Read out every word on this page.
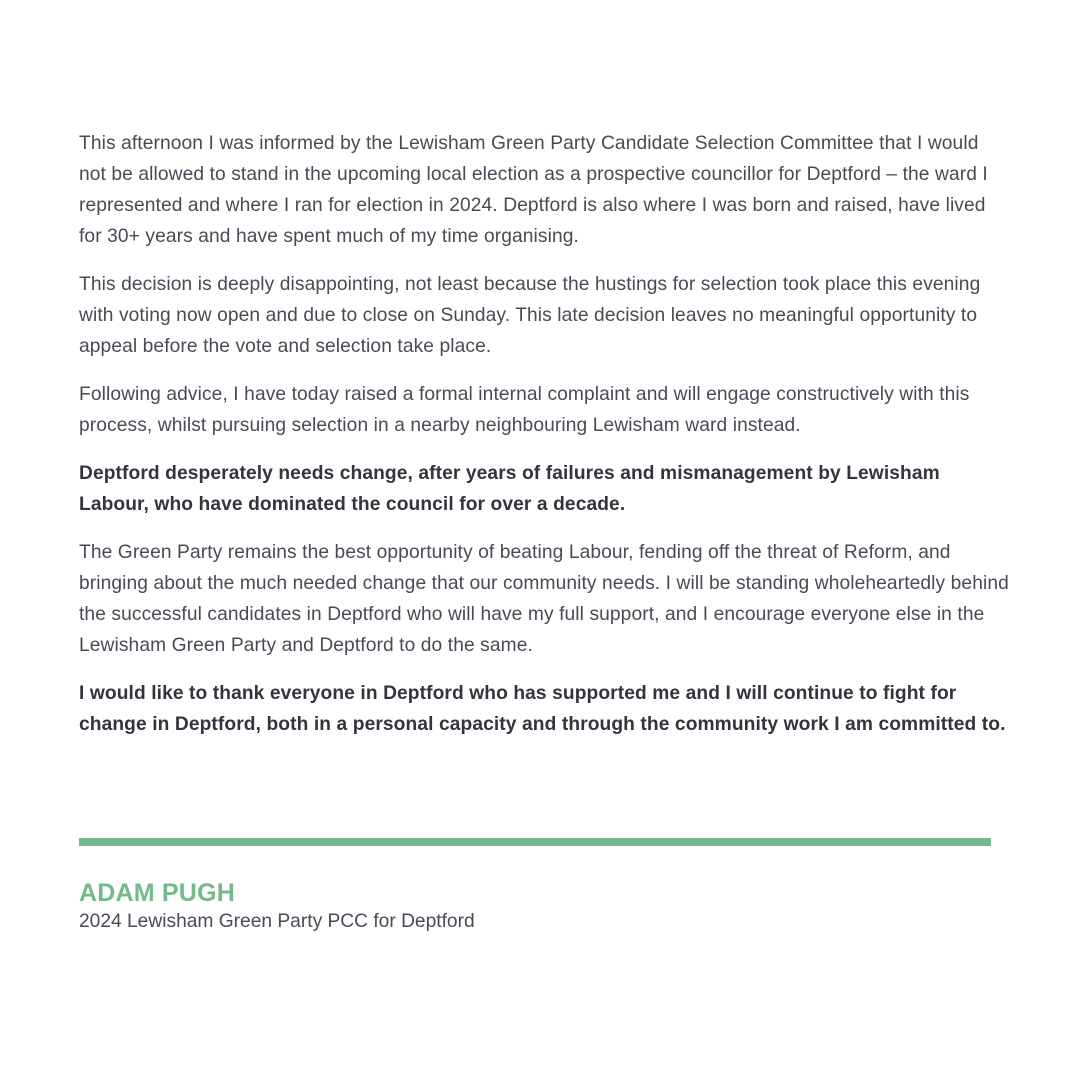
This afternoon I was informed by the Lewisham Green Party Candidate Selection Committee that I would not be allowed to stand in the upcoming local election as a prospective councillor for Deptford – the ward I represented and where I ran for election in 2024. Deptford is also where I was born and raised, have lived for 30+ years and have spent much of my time organising.

This decision is deeply disappointing, not least because the hustings for selection took place this evening with voting now open and due to close on Sunday. This late decision leaves no meaningful opportunity to appeal before the vote and selection take place.

Following advice, I have today raised a formal internal complaint and will engage constructively with this process, whilst pursuing selection in a nearby neighbouring Lewisham ward instead.

Deptford desperately needs change, after years of failures and mismanagement by Lewisham Labour, who have dominated the council for over a decade.

The Green Party remains the best opportunity of beating Labour, fending off the threat of Reform, and bringing about the much needed change that our community needs. I will be standing wholeheartedly behind the successful candidates in Deptford who will have my full support, and I encourage everyone else in the Lewisham Green Party and Deptford to do the same.

I would like to thank everyone in Deptford who has supported me and I will continue to fight for change in Deptford, both in a personal capacity and through the community work I am committed to.

ADAM PUGH

2024 Lewisham Green Party PCC for Deptford
